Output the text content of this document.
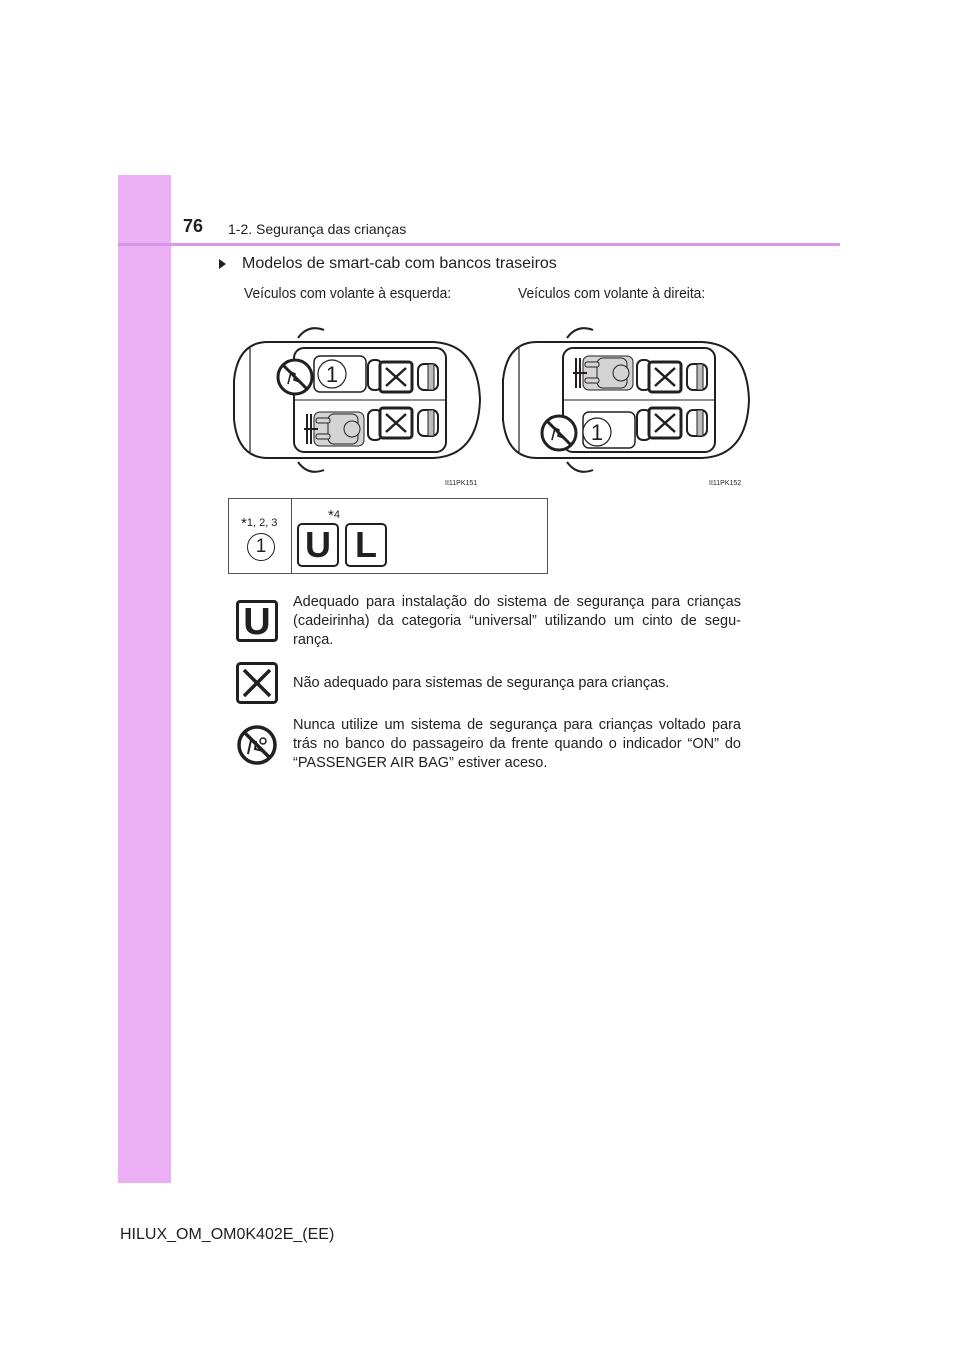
76 1-2. Segurança das crianças
Modelos de smart-cab com bancos traseiros
Veículos com volante à esquerda:	Veículos com volante à direita:
1
1
II11PK151	II11PK152
*1, 2, 3
1
*4
U L
U	Adequado para instalação do sistema de segurança para crianças (cadeirinha) da categoria “universal” utilizando um cinto de segu-rança.
Não adequado para sistemas de segurança para crianças.
Nunca utilize um sistema de segurança para crianças voltado para trás no banco do passageiro da frente quando o indicador “ON” do “PASSENGER AIR BAG” estiver aceso.
HILUX_OM_OM0K402E_(EE)
